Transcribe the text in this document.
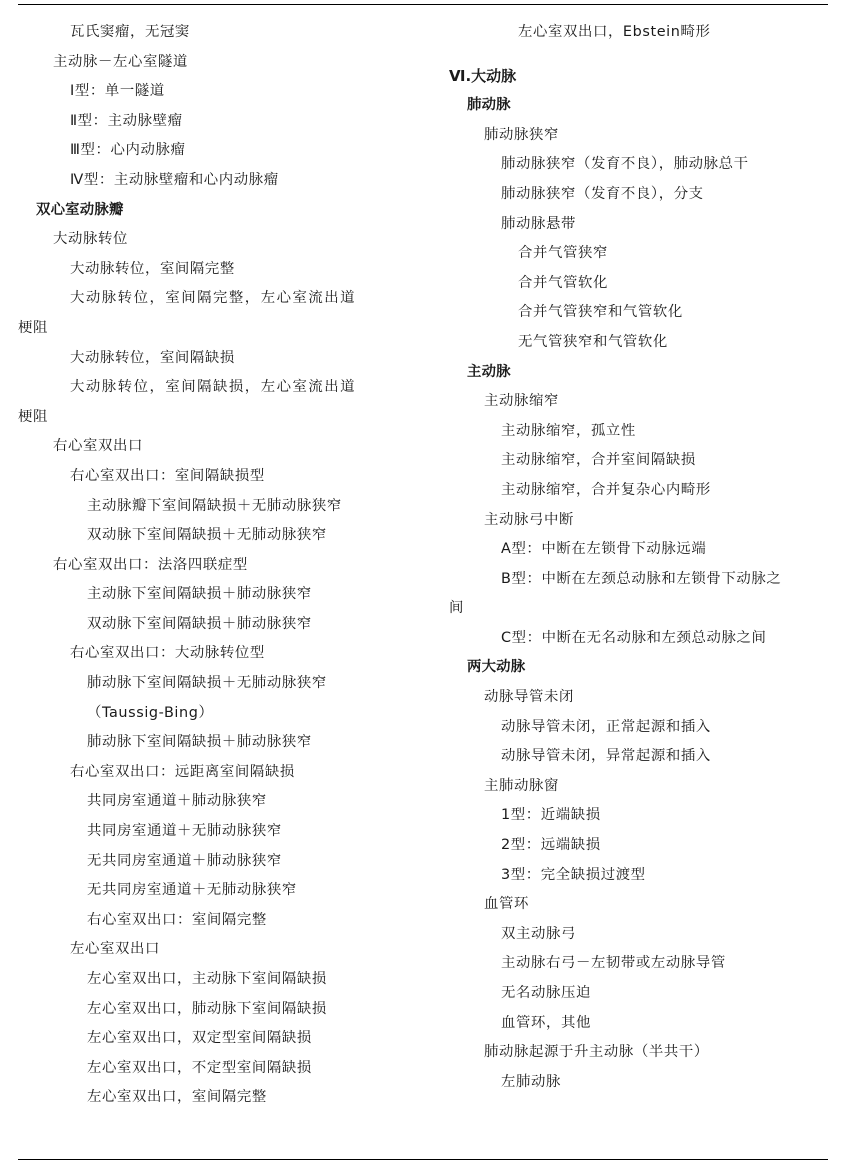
瓦氏窦瘤，无冠窦
主动脉－左心室隧道
Ⅰ型：单一隧道
Ⅱ型：主动脉壁瘤
Ⅲ型：心内动脉瘤
Ⅳ型：主动脉壁瘤和心内动脉瘤
双心室动脉瓣
大动脉转位
大动脉转位，室间隔完整
大动脉转位，室间隔完整，左心室流出道
梗阻
大动脉转位，室间隔缺损
大动脉转位，室间隔缺损，左心室流出道
梗阻
右心室双出口
右心室双出口：室间隔缺损型
主动脉瓣下室间隔缺损＋无肺动脉狭窄
双动脉下室间隔缺损＋无肺动脉狭窄
右心室双出口：法洛四联症型
主动脉下室间隔缺损＋肺动脉狭窄
双动脉下室间隔缺损＋肺动脉狭窄
右心室双出口：大动脉转位型
肺动脉下室间隔缺损＋无肺动脉狭窄
（Taussig-Bing）
肺动脉下室间隔缺损＋肺动脉狭窄
右心室双出口：远距离室间隔缺损
共同房室通道＋肺动脉狭窄
共同房室通道＋无肺动脉狭窄
无共同房室通道＋肺动脉狭窄
无共同房室通道＋无肺动脉狭窄
右心室双出口：室间隔完整
左心室双出口
左心室双出口，主动脉下室间隔缺损
左心室双出口，肺动脉下室间隔缺损
左心室双出口，双定型室间隔缺损
左心室双出口，不定型室间隔缺损
左心室双出口，室间隔完整
左心室双出口，Ebstein畸形
Ⅵ.大动脉
肺动脉
肺动脉狭窄
肺动脉狭窄（发育不良），肺动脉总干
肺动脉狭窄（发育不良），分支
肺动脉悬带
合并气管狭窄
合并气管软化
合并气管狭窄和气管软化
无气管狭窄和气管软化
主动脉
主动脉缩窄
主动脉缩窄，孤立性
主动脉缩窄，合并室间隔缺损
主动脉缩窄，合并复杂心内畸形
主动脉弓中断
A型：中断在左锁骨下动脉远端
B型：中断在左颈总动脉和左锁骨下动脉之
间
C型：中断在无名动脉和左颈总动脉之间
两大动脉
动脉导管未闭
动脉导管未闭，正常起源和插入
动脉导管未闭，异常起源和插入
主肺动脉窗
1型：近端缺损
2型：远端缺损
3型：完全缺损过渡型
血管环
双主动脉弓
主动脉右弓－左韧带或左动脉导管
无名动脉压迫
血管环，其他
肺动脉起源于升主动脉（半共干）
左肺动脉
